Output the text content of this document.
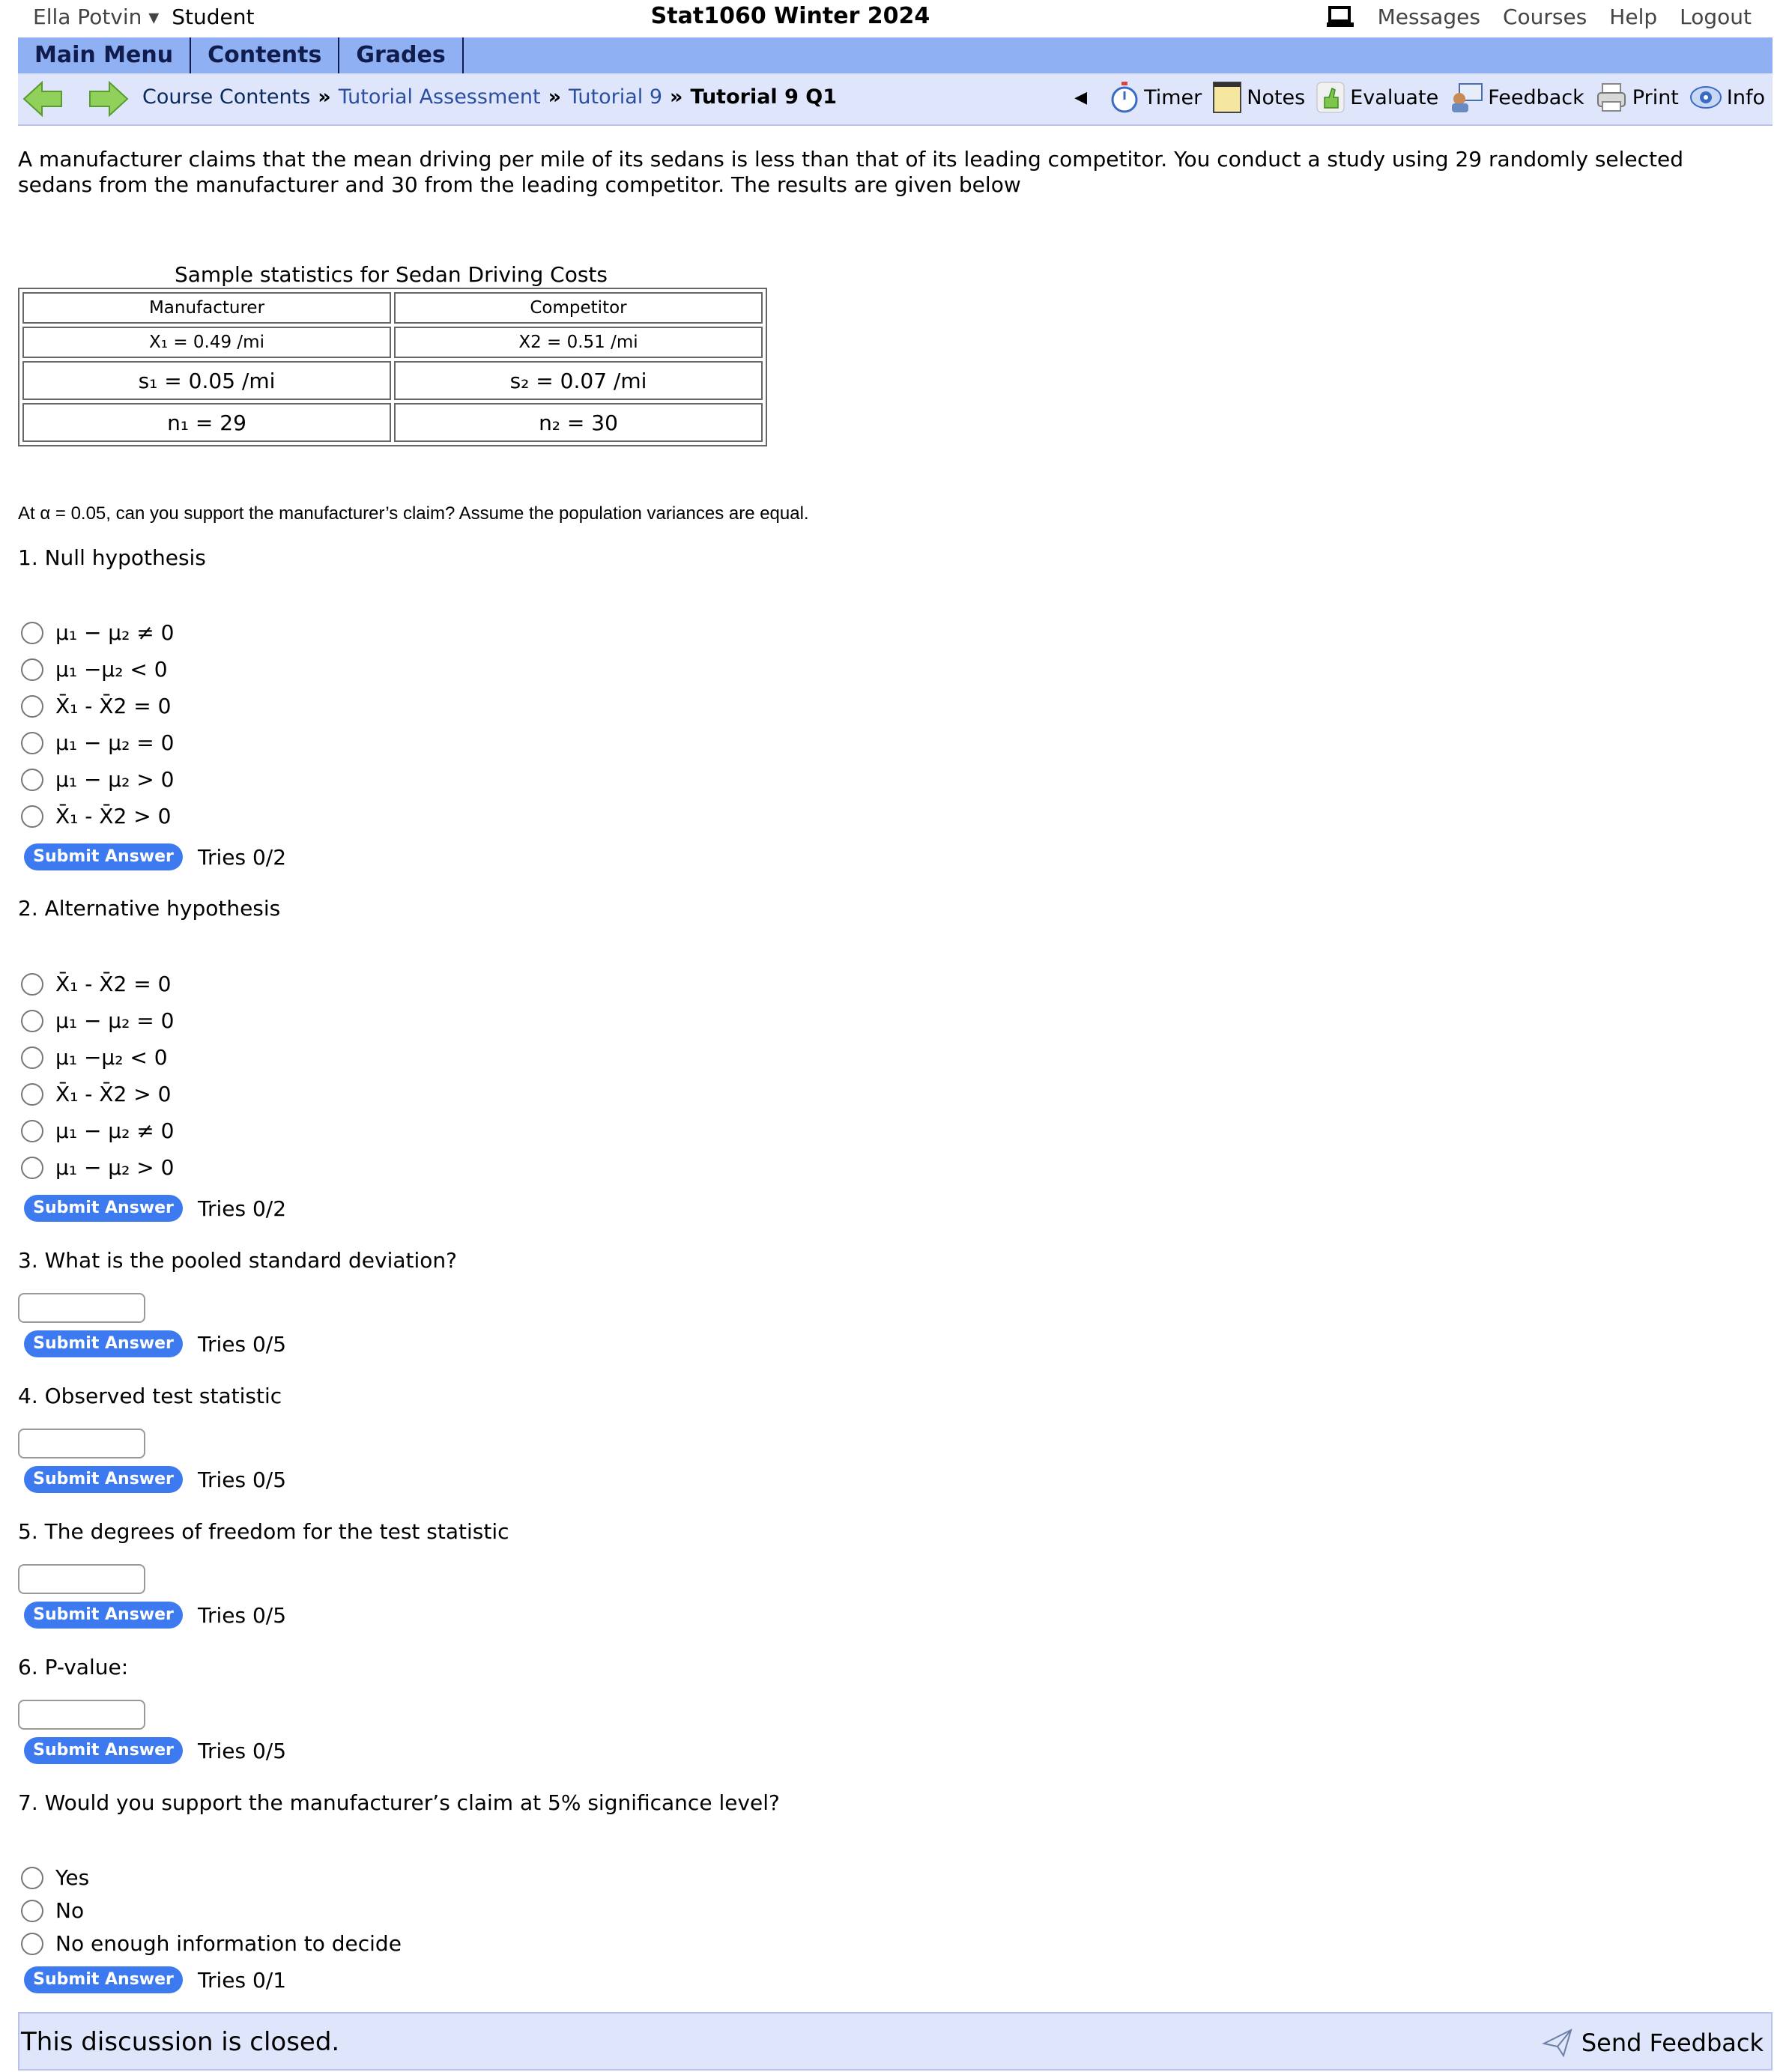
Ella Potvin ▾ Student	Stat1060 Winter 2024	Messages Courses Help Logout
Main Menu	Contents	Grades
Course Contents » Tutorial Assessment » Tutorial 9 » Tutorial 9 Q1	◀	Timer Notes Evaluate Feedback Print Info
A manufacturer claims that the mean driving per mile of its sedans is less than that of its leading competitor. You conduct a study using 29 randomly selected sedans from the manufacturer and 30 from the leading competitor. The results are given below
Sample statistics for Sedan Driving Costs
Manufacturer	Competitor
X₁ = 0.49 /mi	X2 = 0.51 /mi
s₁ = 0.05 /mi	s₂ = 0.07 /mi
n₁ = 29	n₂ = 30
At α = 0.05, can you support the manufacturer’s claim? Assume the population variances are equal.
1. Null hypothesis
μ₁ − μ₂ ≠ 0
μ₁ −μ₂ < 0
X̄₁ - X̄2 = 0
μ₁ − μ₂ = 0
μ₁ − μ₂ > 0
X̄₁ - X̄2 > 0
Submit Answer	Tries 0/2
2. Alternative hypothesis
X̄₁ - X̄2 = 0
μ₁ − μ₂ = 0
μ₁ −μ₂ < 0
X̄₁ - X̄2 > 0
μ₁ − μ₂ ≠ 0
μ₁ − μ₂ > 0
Submit Answer	Tries 0/2
3. What is the pooled standard deviation?
Submit Answer	Tries 0/5
4. Observed test statistic
Submit Answer	Tries 0/5
5. The degrees of freedom for the test statistic
Submit Answer	Tries 0/5
6. P-value:
Submit Answer	Tries 0/5
7. Would you support the manufacturer’s claim at 5% significance level?
Yes
No
No enough information to decide
Submit Answer	Tries 0/1
This discussion is closed.	Send Feedback
